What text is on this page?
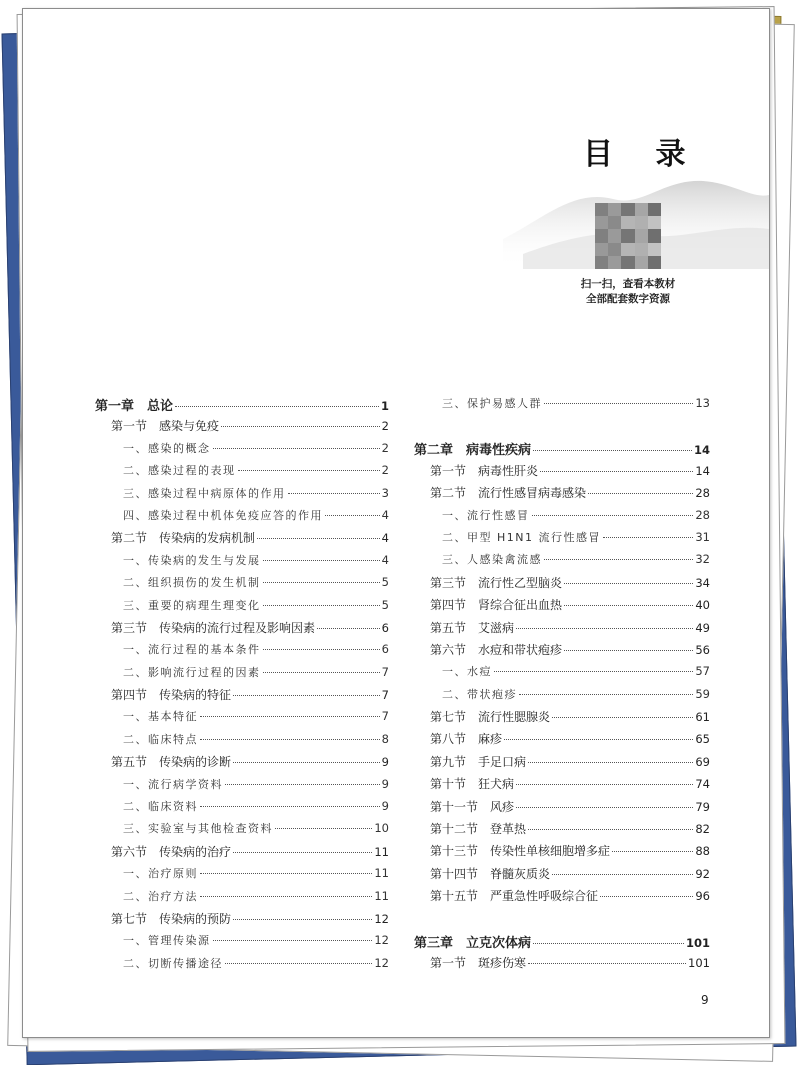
目 录
扫一扫，查看本教材
全部配套数字资源
第一章　总论	1
第一节　感染与免疫	2
一、感染的概念	2
二、感染过程的表现	2
三、感染过程中病原体的作用	3
四、感染过程中机体免疫应答的作用	4
第二节　传染病的发病机制	4
一、传染病的发生与发展	4
二、组织损伤的发生机制	5
三、重要的病理生理变化	5
第三节　传染病的流行过程及影响因素	6
一、流行过程的基本条件	6
二、影响流行过程的因素	7
第四节　传染病的特征	7
一、基本特征	7
二、临床特点	8
第五节　传染病的诊断	9
一、流行病学资料	9
二、临床资料	9
三、实验室与其他检查资料	10
第六节　传染病的治疗	11
一、治疗原则	11
二、治疗方法	11
第七节　传染病的预防	12
一、管理传染源	12
二、切断传播途径	12
三、保护易感人群	13
第二章　病毒性疾病	14
第一节　病毒性肝炎	14
第二节　流行性感冒病毒感染	28
一、流行性感冒	28
二、甲型 H1N1 流行性感冒	31
三、人感染禽流感	32
第三节　流行性乙型脑炎	34
第四节　肾综合征出血热	40
第五节　艾滋病	49
第六节　水痘和带状疱疹	56
一、水痘	57
二、带状疱疹	59
第七节　流行性腮腺炎	61
第八节　麻疹	65
第九节　手足口病	69
第十节　狂犬病	74
第十一节　风疹	79
第十二节　登革热	82
第十三节　传染性单核细胞增多症	88
第十四节　脊髓灰质炎	92
第十五节　严重急性呼吸综合征	96
第三章　立克次体病	101
第一节　斑疹伤寒	101
9
